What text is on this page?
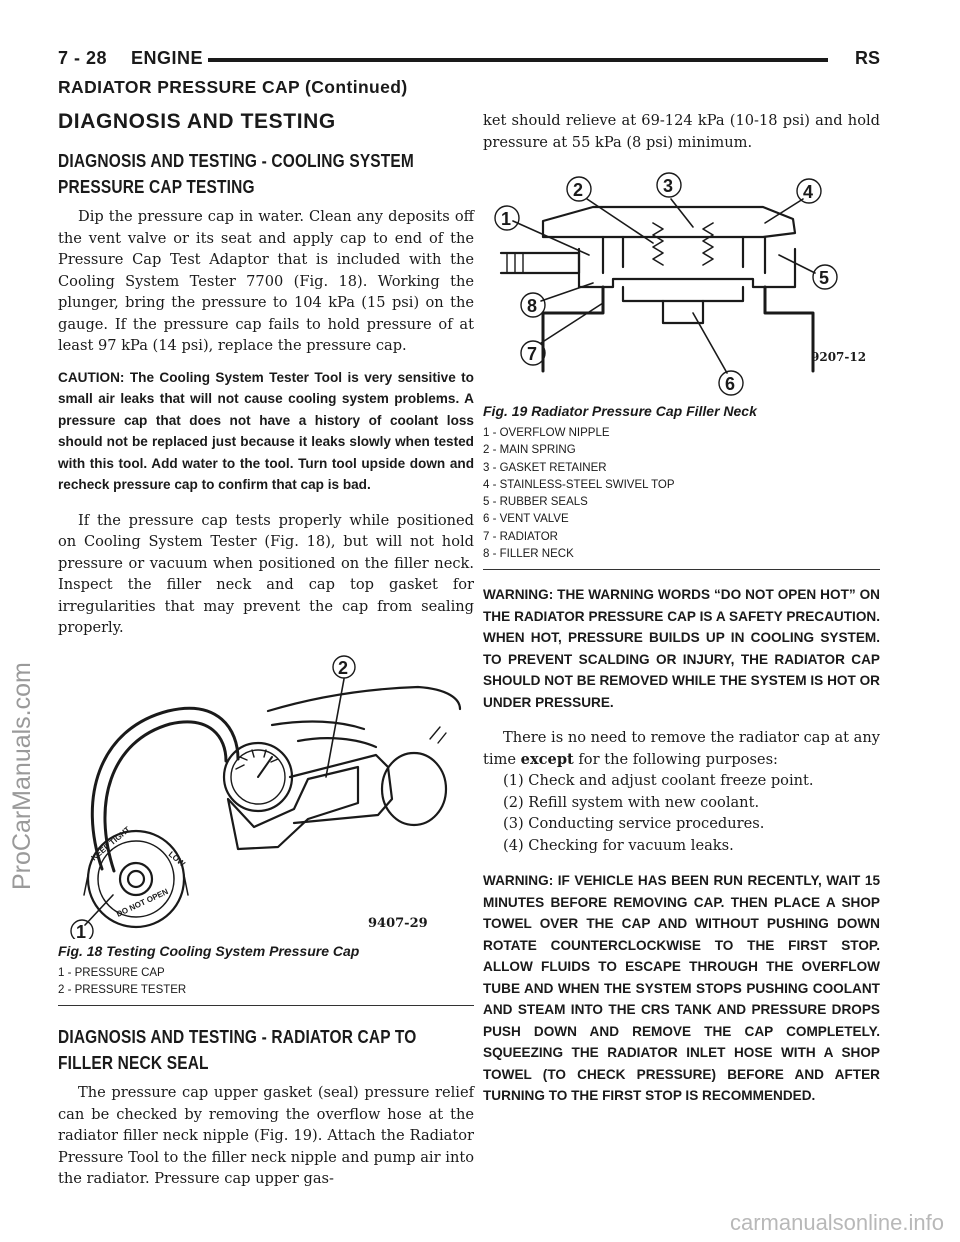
7 - 28 ENGINE	RS
RADIATOR PRESSURE CAP (Continued)
ProCarManuals.com
DIAGNOSIS AND TESTING
DIAGNOSIS AND TESTING - COOLING SYSTEM PRESSURE CAP TESTING

Dip the pressure cap in water. Clean any deposits off the vent valve or its seat and apply cap to end of the Pressure Cap Test Adaptor that is included with the Cooling System Tester 7700 (Fig. 18). Working the plunger, bring the pressure to 104 kPa (15 psi) on the gauge. If the pressure cap fails to hold pressure of at least 97 kPa (14 psi), replace the pressure cap.

CAUTION: The Cooling System Tester Tool is very sensitive to small air leaks that will not cause cooling system problems. A pressure cap that does not have a history of coolant loss should not be replaced just because it leaks slowly when tested with this tool. Add water to the tool. Turn tool upside down and recheck pressure cap to confirm that cap is bad.

If the pressure cap tests properly while positioned on Cooling System Tester (Fig. 18), but will not hold pressure or vacuum when positioned on the filler neck. Inspect the filler neck and cap top gasket for irregularities that may prevent the cap from sealing properly.

KEEP TIGHT	LOW
DO NOT OPEN
2
1	9407-29
Fig. 18 Testing Cooling System Pressure Cap
1 - PRESSURE CAP
2 - PRESSURE TESTER
DIAGNOSIS AND TESTING - RADIATOR CAP TO FILLER NECK SEAL

The pressure cap upper gasket (seal) pressure relief can be checked by removing the overflow hose at the radiator filler neck nipple (Fig. 19). Attach the Radiator Pressure Tool to the filler neck nipple and pump air into the radiator. Pressure cap upper gas-

ket should relieve at 69-124 kPa (10-18 psi) and hold pressure at 55 kPa (8 psi) minimum.

1
2	3	4
5
6
7
8
9207-12
Fig. 19 Radiator Pressure Cap Filler Neck
1 - OVERFLOW NIPPLE
2 - MAIN SPRING
3 - GASKET RETAINER
4 - STAINLESS-STEEL SWIVEL TOP
5 - RUBBER SEALS
6 - VENT VALVE
7 - RADIATOR
8 - FILLER NECK

WARNING: THE WARNING WORDS “DO NOT OPEN HOT” ON THE RADIATOR PRESSURE CAP IS A SAFETY PRECAUTION. WHEN HOT, PRESSURE BUILDS UP IN COOLING SYSTEM. TO PREVENT SCALDING OR INJURY, THE RADIATOR CAP SHOULD NOT BE REMOVED WHILE THE SYSTEM IS HOT OR UNDER PRESSURE.

There is no need to remove the radiator cap at any time except for the following purposes:

(1) Check and adjust coolant freeze point.
(2) Refill system with new coolant.
(3) Conducting service procedures.
(4) Checking for vacuum leaks.

WARNING: IF VEHICLE HAS BEEN RUN RECENTLY, WAIT 15 MINUTES BEFORE REMOVING CAP. THEN PLACE A SHOP TOWEL OVER THE CAP AND WITHOUT PUSHING DOWN ROTATE COUNTERCLOCKWISE TO THE FIRST STOP. ALLOW FLUIDS TO ESCAPE THROUGH THE OVERFLOW TUBE AND WHEN THE SYSTEM STOPS PUSHING COOLANT AND STEAM INTO THE CRS TANK AND PRESSURE DROPS PUSH DOWN AND REMOVE THE CAP COMPLETELY. SQUEEZING THE RADIATOR INLET HOSE WITH A SHOP TOWEL (TO CHECK PRESSURE) BEFORE AND AFTER TURNING TO THE FIRST STOP IS RECOMMENDED.

carmanualsonline.info
